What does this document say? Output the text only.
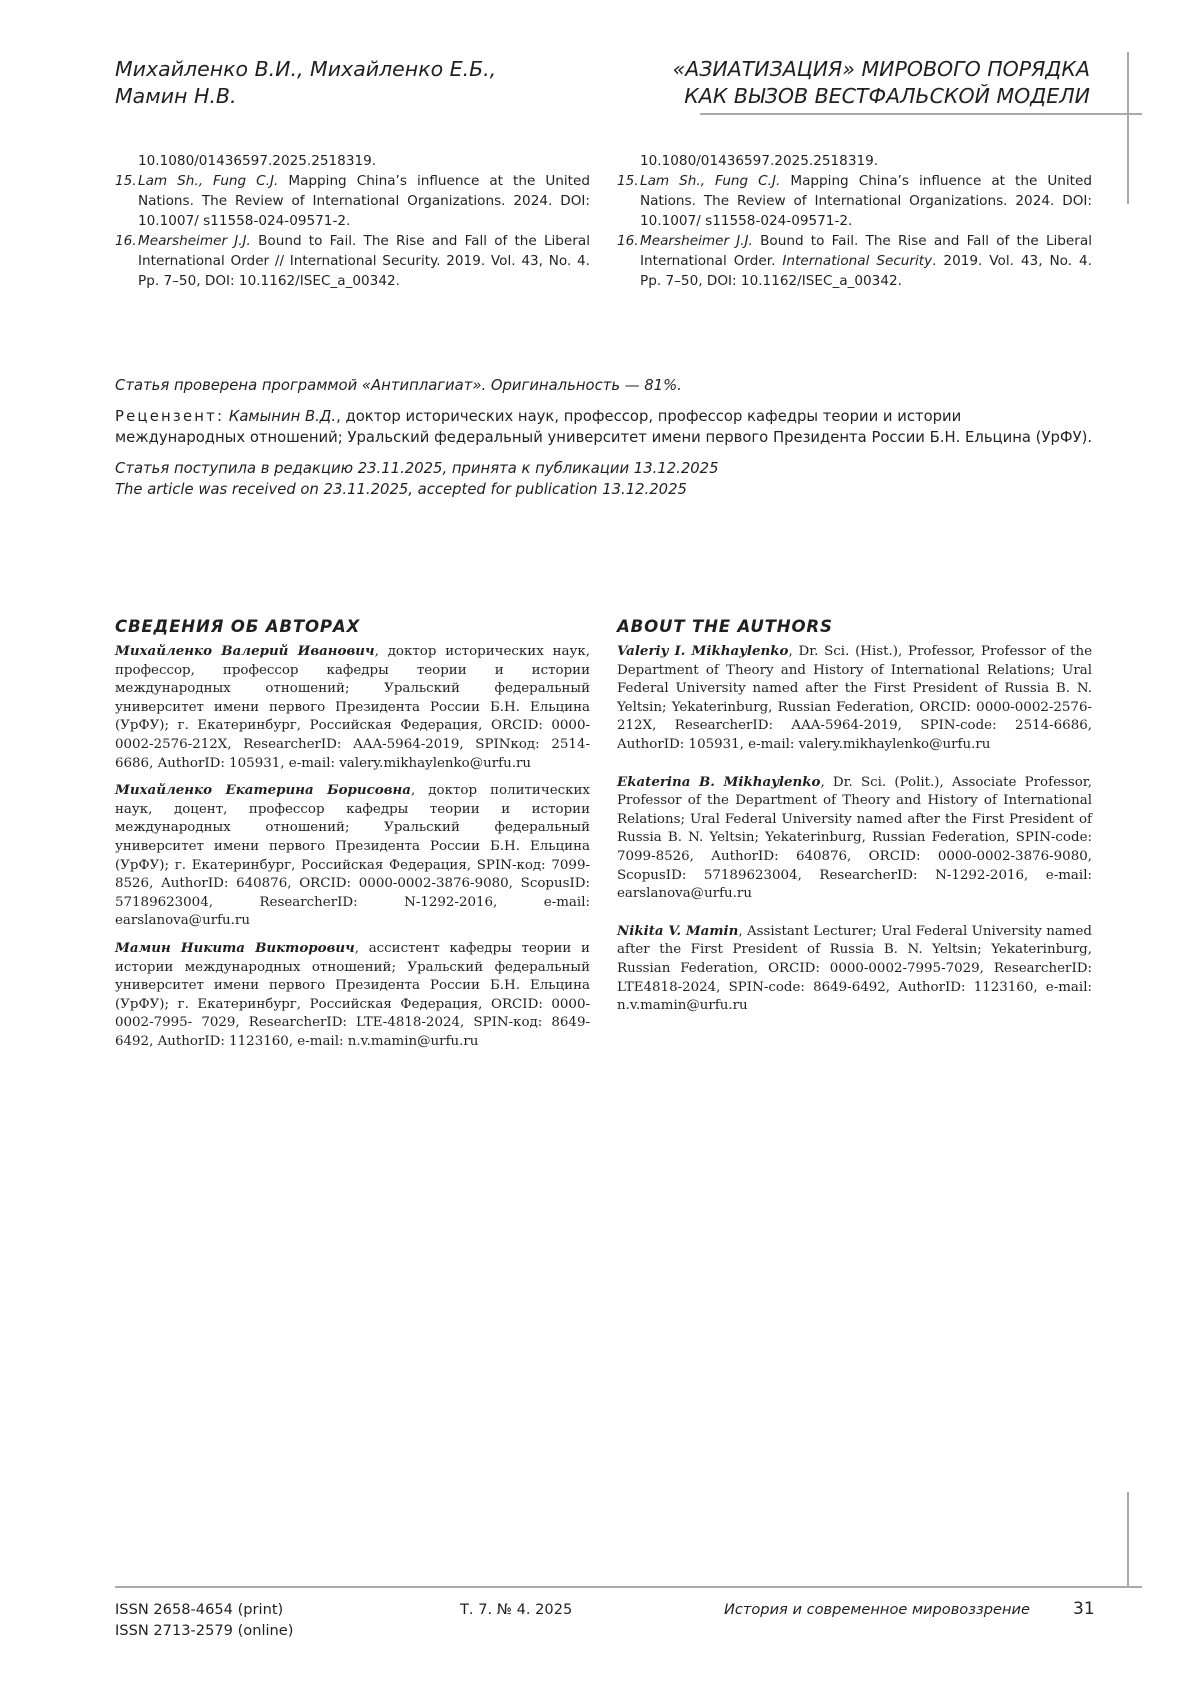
Михайленко В.И., Михайленко Е.Б.,
Мамин Н.В.
«АЗИАТИЗАЦИЯ» МИРОВОГО ПОРЯДКА
КАК ВЫЗОВ ВЕСТФАЛЬСКОЙ МОДЕЛИ
10.1080/01436597.2025.2518319.
15. Lam Sh., Fung C.J. Mapping China’s influence at the United Nations. The Review of International Organizations. 2024. DOI: 10.1007/ s11558-024-09571-2.
16. Mearsheimer J.J. Bound to Fail. The Rise and Fall of the Liberal International Order // International Security. 2019. Vol. 43, No. 4. Pp. 7–50, DOI: 10.1162/ISEC_a_00342.
10.1080/01436597.2025.2518319.
15. Lam Sh., Fung C.J. Mapping China’s influence at the United Nations. The Review of International Organizations. 2024. DOI: 10.1007/ s11558-024-09571-2.
16. Mearsheimer J.J. Bound to Fail. The Rise and Fall of the Liberal International Order. International Security. 2019. Vol. 43, No. 4. Pp. 7–50, DOI: 10.1162/ISEC_a_00342.
Статья проверена программой «Антиплагиат». Оригинальность — 81%.
Рецензент: Камынин В.Д., доктор исторических наук, профессор, профессор кафедры теории и истории международных отношений; Уральский федеральный университет имени первого Президента России Б.Н. Ельцина (УрФУ).
Статья поступила в редакцию 23.11.2025, принята к публикации 13.12.2025
The article was received on 23.11.2025, accepted for publication 13.12.2025
СВЕДЕНИЯ ОБ АВТОРАХ

Михайленко Валерий Иванович, доктор исторических наук, профессор, профессор кафедры теории и истории международных отношений; Уральский федеральный университет имени первого Президента России Б.Н. Ельцина (УрФУ); г. Екатеринбург, Российская Федерация, ORCID: 0000-0002-2576-212X, ResearcherID: AAA-5964-2019, SPINкод: 2514-6686, AuthorID: 105931, e-mail: valery.mikhaylenko@urfu.ru

Михайленко Екатерина Борисовна, доктор политических наук, доцент, профессор кафедры теории и истории международных отношений; Уральский федеральный университет имени первого Президента России Б.Н. Ельцина (УрФУ); г. Екатеринбург, Российская Федерация, SPIN-код: 7099-8526, AuthorID: 640876, ORCID: 0000-0002-3876-9080, ScopusID: 57189623004, ResearcherID: N-1292-2016, e-mail: earslanova@urfu.ru

Мамин Никита Викторович, ассистент кафедры теории и истории международных отношений; Уральский федеральный университет имени первого Президента России Б.Н. Ельцина (УрФУ); г. Екатеринбург, Российская Федерация, ORCID: 0000-0002-7995- 7029, ResearcherID: LTE-4818-2024, SPIN-код: 8649-6492, AuthorID: 1123160, e-mail: n.v.mamin@urfu.ru

ABOUT THE AUTHORS

Valeriy I. Mikhaylenko, Dr. Sci. (Hist.), Professor, Professor of the Department of Theory and History of International Relations; Ural Federal University named after the First President of Russia B. N. Yeltsin; Yekaterinburg, Russian Federation, ORCID: 0000-0002-2576-212X, ResearcherID: AAA-5964-2019, SPIN-code: 2514-6686, AuthorID: 105931, e-mail: valery.mikhaylenko@urfu.ru

Ekaterina B. Mikhaylenko, Dr. Sci. (Polit.), Associate Professor, Professor of the Department of Theory and History of International Relations; Ural Federal University named after the First President of Russia B. N. Yeltsin; Yekaterinburg, Russian Federation, SPIN-code: 7099-8526, AuthorID: 640876, ORCID: 0000-0002-3876-9080, ScopusID: 57189623004, ResearcherID: N-1292-2016, e-mail: earslanova@urfu.ru

Nikita V. Mamin, Assistant Lecturer; Ural Federal University named after the First President of Russia B. N. Yeltsin; Yekaterinburg, Russian Federation, ORCID: 0000-0002-7995-7029, ResearcherID: LTE4818-2024, SPIN-code: 8649-6492, AuthorID: 1123160, e-mail: n.v.mamin@urfu.ru

ISSN 2658-4654 (print)
ISSN 2713-2579 (online)
Т. 7. № 4. 2025	История и современное мировоззрение	31
